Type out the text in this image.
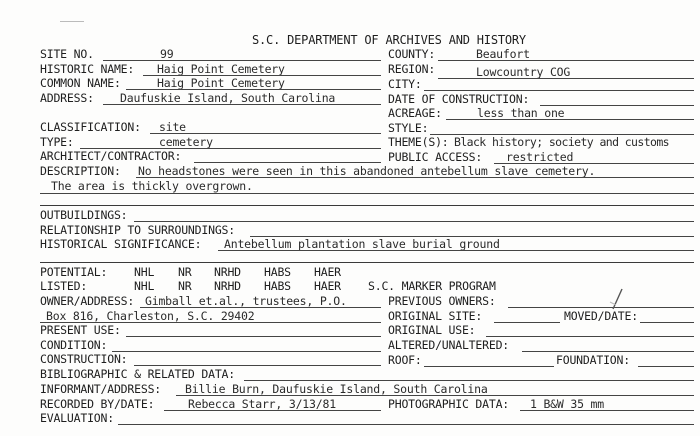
S.C. DEPARTMENT OF ARCHIVES AND HISTORY
SITE NO.	99	COUNTY:	Beaufort
HISTORIC NAME: Haig Point Cemetery	REGION:	Lowcountry COG
COMMON NAME:	Haig Point Cemetery	CITY:
ADDRESS: Daufuskie Island, South Carolina	DATE OF CONSTRUCTION:
ACREAGE:	less than one
CLASSIFICATION: site	STYLE:
TYPE:	cemetery	THEME(S): Black history; society and customs
ARCHITECT/CONTRACTOR:	PUBLIC ACCESS: restricted
DESCRIPTION: No headstones were seen in this abandoned antebellum slave cemetery.
The area is thickly overgrown.
OUTBUILDINGS:
RELATIONSHIP TO SURROUNDINGS:
HISTORICAL SIGNIFICANCE: Antebellum plantation slave burial ground
POTENTIAL: NHL NR NRHD HABS HAER
LISTED:	NHL NR NRHD HABS HAER S.C. MARKER PROGRAM
OWNER/ADDRESS: Gimball et.al., trustees, P.O.	PREVIOUS OWNERS:
Box 816, Charleston, S.C. 29402	ORIGINAL SITE:	MOVED/DATE:
PRESENT USE:	ORIGINAL USE:
CONDITION:	ALTERED/UNALTERED:
CONSTRUCTION:	ROOF:	FOUNDATION:
BIBLIOGRAPHIC & RELATED DATA:
INFORMANT/ADDRESS: Billie Burn, Daufuskie Island, South Carolina
RECORDED BY/DATE:	Rebecca Starr, 3/13/81	PHOTOGRAPHIC DATA: 1 B&W 35 mm
EVALUATION:
